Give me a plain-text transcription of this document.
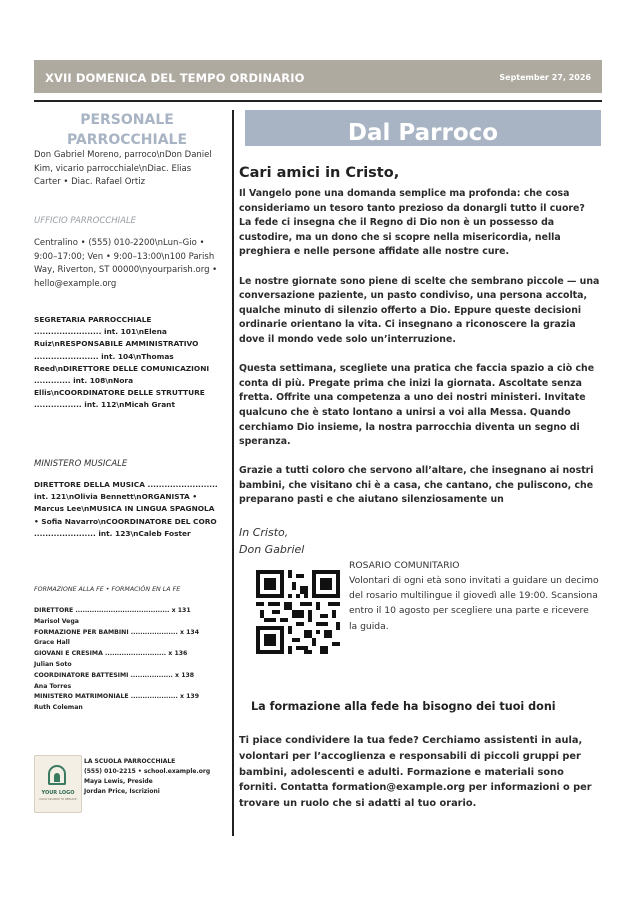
XVII DOMENICA DEL TEMPO ORDINARIO	September 27, 2026
PERSONALE PARROCCHIALE
Don Gabriel Moreno, parroco\nDon Daniel Kim, vicario parrocchiale\nDiac. Elias Carter • Diac. Rafael Ortiz
UFFICIO PARROCCHIALE
Centralino • (555) 010-2200\nLun–Gio • 9:00–17:00; Ven • 9:00–13:00\n100 Parish Way, Riverton, ST 00000\nyourparish.org • hello@example.org
SEGRETARIA PARROCCHIALE ........................ int. 101\nElena Ruiz\nRESPONSABILE AMMINISTRATIVO ....................... int. 104\nThomas Reed\nDIRETTORE DELLE COMUNICAZIONI ............. int. 108\nNora Ellis\nCOORDINATORE DELLE STRUTTURE ................. int. 112\nMicah Grant
MINISTERO MUSICALE
DIRETTORE DELLA MUSICA ......................... int. 121\nOlivia Bennett\nORGANISTA • Marcus Lee\nMUSICA IN LINGUA SPAGNOLA • Sofia Navarro\nCOORDINATORE DEL CORO ...................... int. 123\nCaleb Foster
FORMAZIONE ALLA FE • FORMACIÓN EN LA FE
DIRETTORE ........................................ x 131
Marisol Vega
FORMAZIONE PER BAMBINI .................... x 134
Grace Hall
GIOVANI E CRESIMA .......................... x 136
Julian Soto
COORDINATORE BATTESIMI .................. x 138
Ana Torres
MINISTERO MATRIMONIALE .................... x 139
Ruth Coleman
YOUR LOGO
CLICK OR DROP TO REPLACE
LA SCUOLA PARROCCHIALE
(555) 010-2215 • school.example.org
Maya Lewis, Preside
Jordan Price, Iscrizioni
Dal Parroco
Cari amici in Cristo,

Il Vangelo pone una domanda semplice ma profonda: che cosa consideriamo un tesoro tanto prezioso da donargli tutto il cuore?

La fede ci insegna che il Regno di Dio non è un possesso da custodire, ma un dono che si scopre nella misericordia, nella preghiera e nelle persone affidate alle nostre cure.

Le nostre giornate sono piene di scelte che sembrano piccole — una conversazione paziente, un pasto condiviso, una persona accolta, qualche minuto di silenzio offerto a Dio. Eppure queste decisioni ordinarie orientano la vita. Ci insegnano a riconoscere la grazia dove il mondo vede solo un’interruzione.

Questa settimana, scegliete una pratica che faccia spazio a ciò che conta di più. Pregate prima che inizi la giornata. Ascoltate senza fretta. Offrite una competenza a uno dei nostri ministeri. Invitate qualcuno che è stato lontano a unirsi a voi alla Messa. Quando cerchiamo Dio insieme, la nostra parrocchia diventa un segno di speranza.

Grazie a tutti coloro che servono all’altare, che insegnano ai nostri bambini, che visitano chi è a casa, che cantano, che puliscono, che preparano pasti e che aiutano silenziosamente un

In Cristo,
Don Gabriel
ROSARIO COMUNITARIO
Volontari di ogni età sono invitati a guidare un decimo del rosario multilingue il giovedì alle 19:00. Scansiona entro il 10 agosto per scegliere una parte e ricevere la guida.
La formazione alla fede ha bisogno dei tuoi doni
Ti piace condividere la tua fede? Cerchiamo assistenti in aula, volontari per l’accoglienza e responsabili di piccoli gruppi per bambini, adolescenti e adulti. Formazione e materiali sono forniti. Contatta formation@example.org per informazioni o per trovare un ruolo che si adatti al tuo orario.
